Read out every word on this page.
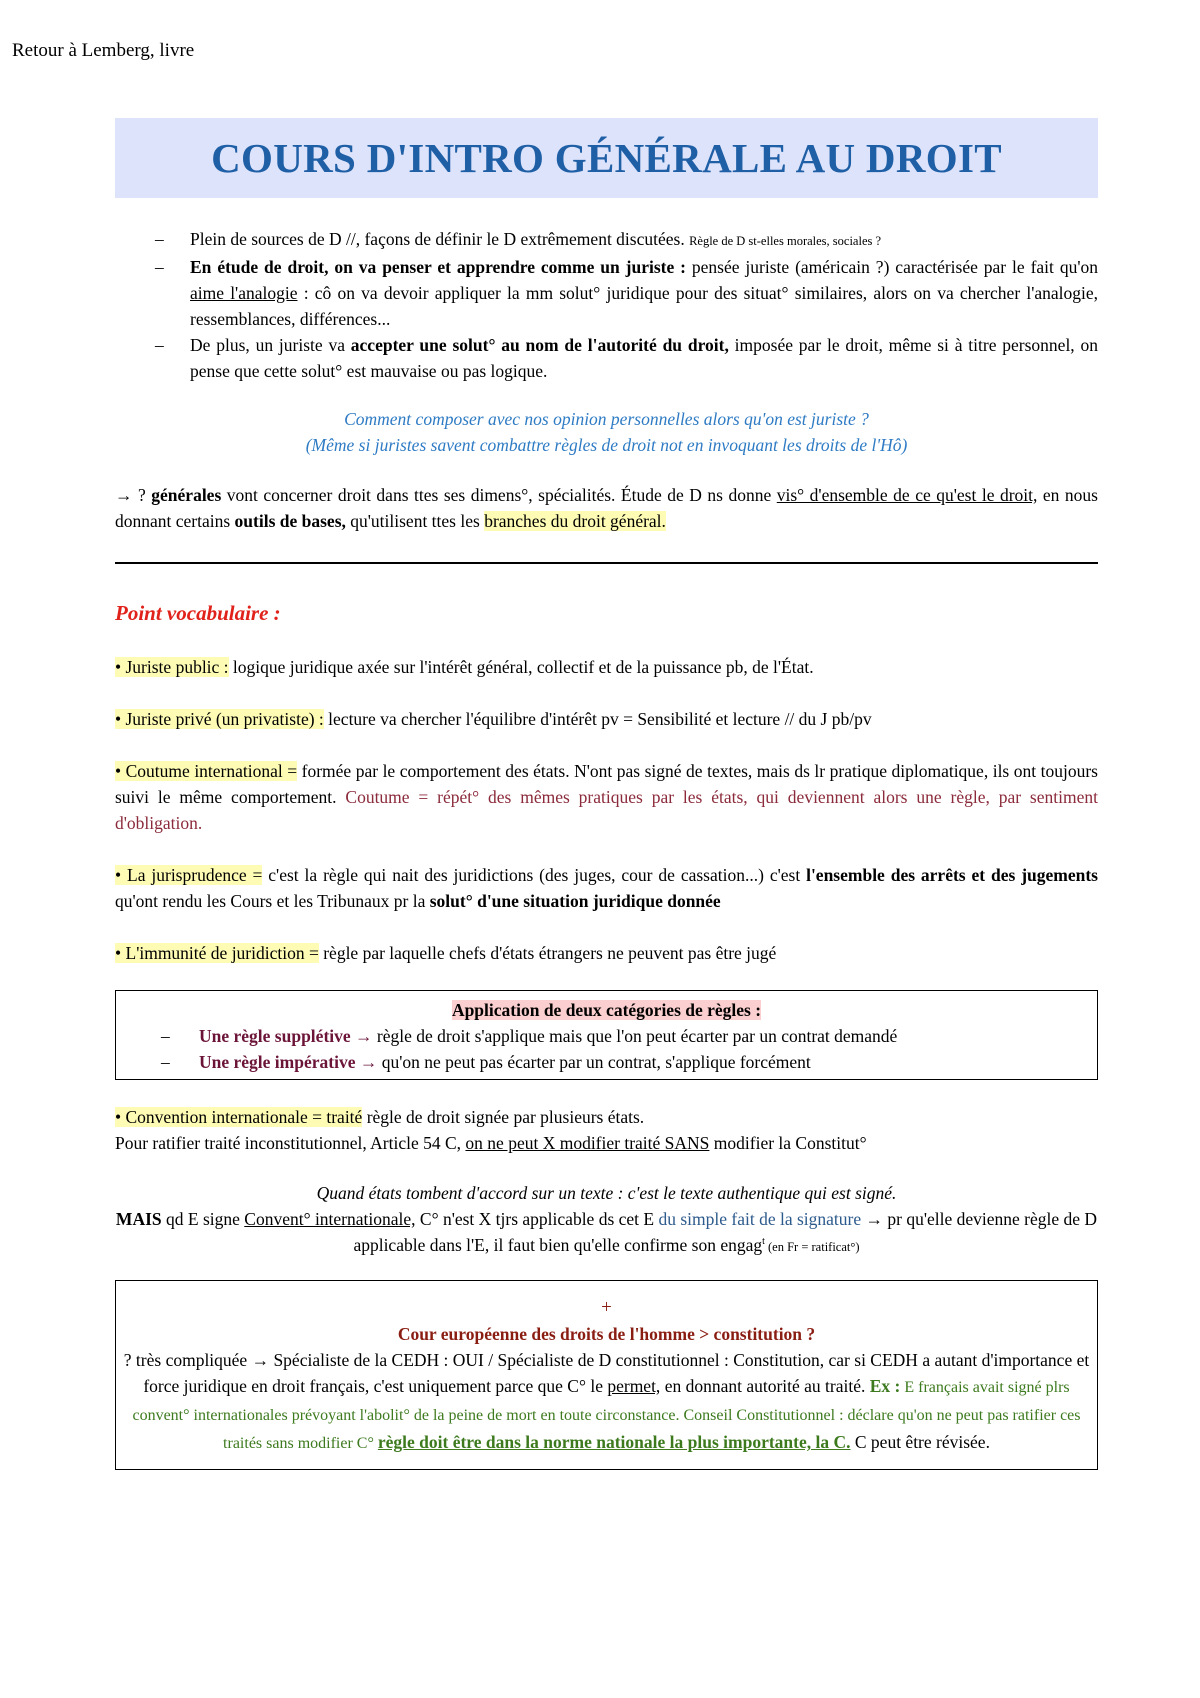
Retour à Lemberg, livre
COURS D'INTRO GÉNÉRALE AU DROIT
– Plein de sources de D //, façons de définir le D extrêmement discutées. Règle de D st-elles morales, sociales ?
– En étude de droit, on va penser et apprendre comme un juriste : pensée juriste (américain ?) caractérisée par le fait qu'on aime l'analogie : cô on va devoir appliquer la mm solut° juridique pour des situat° similaires, alors on va chercher l'analogie, ressemblances, différences...
– De plus, un juriste va accepter une solut° au nom de l'autorité du droit, imposée par le droit, même si à titre personnel, on pense que cette solut° est mauvaise ou pas logique.
Comment composer avec nos opinion personnelles alors qu'on est juriste ?
(Même si juristes savent combattre règles de droit not en invoquant les droits de l'Hô)
→ ? générales vont concerner droit dans ttes ses dimens°, spécialités. Étude de D ns donne vis° d'ensemble de ce qu'est le droit, en nous donnant certains outils de bases, qu'utilisent ttes les branches du droit général.
Point vocabulaire :
• Juriste public : logique juridique axée sur l'intérêt général, collectif et de la puissance pb, de l'État.
• Juriste privé (un privatiste) : lecture va chercher l'équilibre d'intérêt pv = Sensibilité et lecture // du J pb/pv
• Coutume international = formée par le comportement des états. N'ont pas signé de textes, mais ds lr pratique diplomatique, ils ont toujours suivi le même comportement. Coutume = répét° des mêmes pratiques par les états, qui deviennent alors une règle, par sentiment d'obligation.
• La jurisprudence = c'est la règle qui nait des juridictions (des juges, cour de cassation...) c'est l'ensemble des arrêts et des jugements qu'ont rendu les Cours et les Tribunaux pr la solut° d'une situation juridique donnée
• L'immunité de juridiction = règle par laquelle chefs d'états étrangers ne peuvent pas être jugé
Application de deux catégories de règles :
– Une règle supplétive → règle de droit s'applique mais que l'on peut écarter par un contrat demandé
– Une règle impérative → qu'on ne peut pas écarter par un contrat, s'applique forcément
• Convention internationale = traité règle de droit signée par plusieurs états.
Pour ratifier traité inconstitutionnel, Article 54 C, on ne peut X modifier traité SANS modifier la Constitut°
Quand états tombent d'accord sur un texte : c'est le texte authentique qui est signé.
MAIS qd E signe Convent° internationale, C° n'est X tjrs applicable ds cet E du simple fait de la signature → pr qu'elle devienne règle de D applicable dans l'E, il faut bien qu'elle confirme son engag$^t$ (en Fr = ratificat°)
+
Cour européenne des droits de l'homme > constitution ?
? très compliquée → Spécialiste de la CEDH : OUI / Spécialiste de D constitutionnel : Constitution, car si CEDH a autant d'importance et force juridique en droit français, c'est uniquement parce que C° le permet, en donnant autorité au traité. Ex : E français avait signé plrs convent° internationales prévoyant l'abolit° de la peine de mort en toute circonstance. Conseil Constitutionnel : déclare qu'on ne peut pas ratifier ces traités sans modifier C° règle doit être dans la norme nationale la plus importante, la C. C peut être révisée.
